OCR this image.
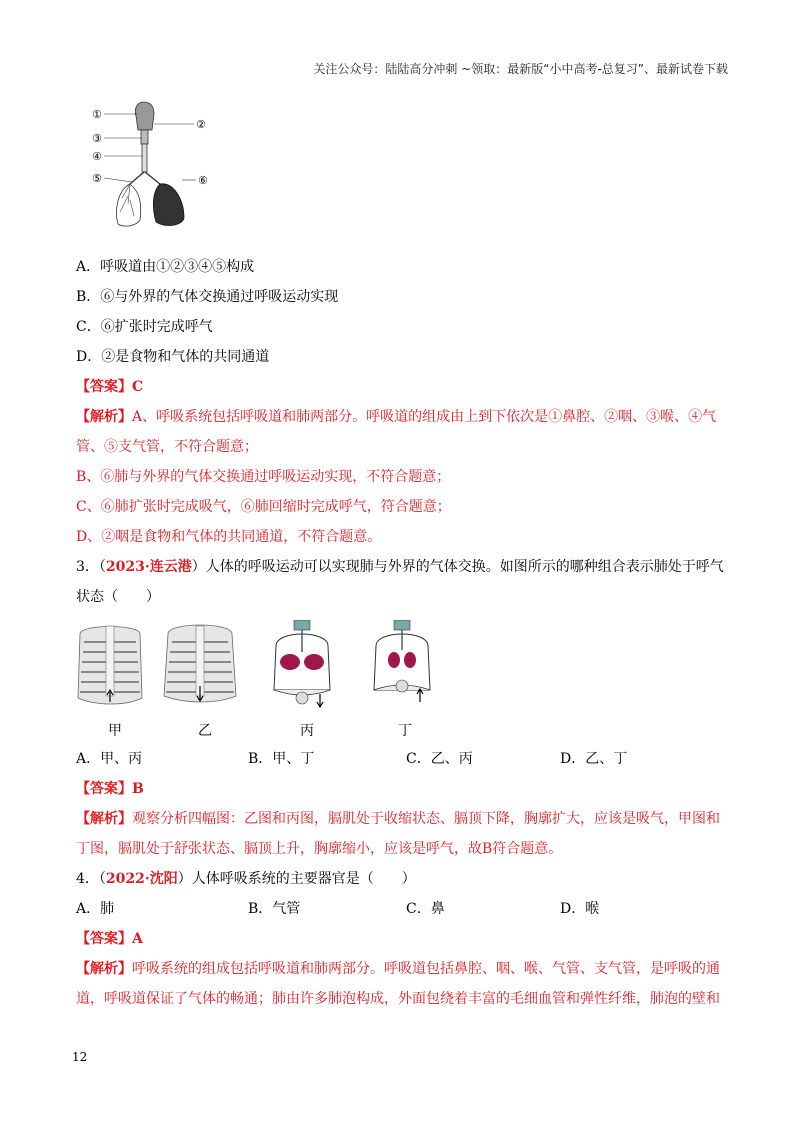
关注公众号：陆陆高分冲刺 ~领取：最新版“小中高考-总复习”、最新试卷下载
①
②
③
④
⑤	⑥
A．呼吸道由①②③④⑤构成
B．⑥与外界的气体交换通过呼吸运动实现
C．⑥扩张时完成呼气
D．②是食物和气体的共同通道
【答案】C
【解析】A、呼吸系统包括呼吸道和肺两部分。呼吸道的组成由上到下依次是①鼻腔、②咽、③喉、④气
管、⑤支气管，不符合题意；
B、⑥肺与外界的气体交换通过呼吸运动实现，不符合题意；
C、⑥肺扩张时完成吸气，⑥肺回缩时完成呼气，符合题意；
D、②咽是食物和气体的共同通道，不符合题意。
3．（2023·连云港）人体的呼吸运动可以实现肺与外界的气体交换。如图所示的哪种组合表示肺处于呼气
状态（　　）
甲	乙	丙	丁
A．甲、丙	B．甲、丁	C．乙、丙	D．乙、丁
【答案】B
【解析】观察分析四幅图：乙图和丙图，膈肌处于收缩状态、膈顶下降，胸廓扩大，应该是吸气，甲图和
丁图，膈肌处于舒张状态、膈顶上升，胸廓缩小，应该是呼气，故B符合题意。
4．（2022·沈阳）人体呼吸系统的主要器官是（　　）
A．肺	B．气管	C．鼻	D．喉
【答案】A
【解析】呼吸系统的组成包括呼吸道和肺两部分。呼吸道包括鼻腔、咽、喉、气管、支气管，是呼吸的通
道，呼吸道保证了气体的畅通；肺由许多肺泡构成，外面包绕着丰富的毛细血管和弹性纤维，肺泡的壁和
12
